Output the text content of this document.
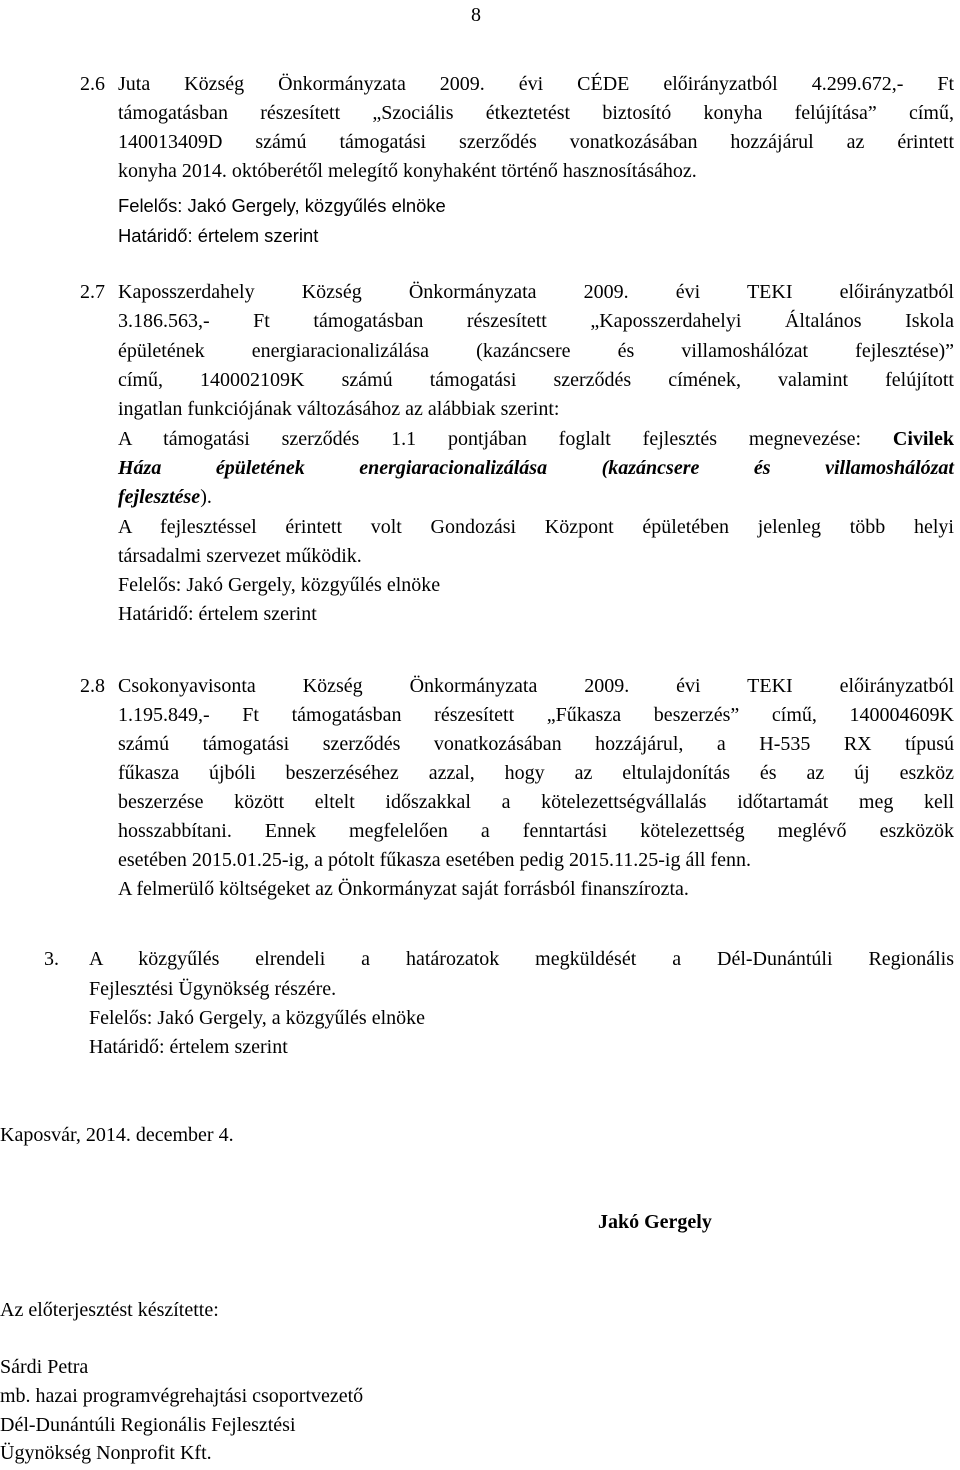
8
2.6 Juta Község Önkormányzata 2009. évi CÉDE előirányzatból 4.299.672,- Ft
támogatásban részesített „Szociális étkeztetést biztosító konyha felújítása” című,
140013409D számú támogatási szerződés vonatkozásában hozzájárul az érintett
konyha 2014. októberétől melegítő konyhaként történő hasznosításához.
Felelős: Jakó Gergely, közgyűlés elnöke
Határidő: értelem szerint
2.7 Kaposszerdahely Község Önkormányzata 2009. évi TEKI előirányzatból
3.186.563,- Ft támogatásban részesített „Kaposszerdahelyi Általános Iskola
épületének energiaracionalizálása (kazáncsere és villamoshálózat fejlesztése)”
című, 140002109K számú támogatási szerződés címének, valamint felújított
ingatlan funkciójának változásához az alábbiak szerint:
A támogatási szerződés 1.1 pontjában foglalt fejlesztés megnevezése: Civilek
Háza épületének energiaracionalizálása (kazáncsere és villamoshálózat
fejlesztése).
A fejlesztéssel érintett volt Gondozási Központ épületében jelenleg több helyi
társadalmi szervezet működik.
Felelős: Jakó Gergely, közgyűlés elnöke
Határidő: értelem szerint
2.8 Csokonyavisonta Község Önkormányzata 2009. évi TEKI előirányzatból
1.195.849,- Ft támogatásban részesített „Fűkasza beszerzés” című, 140004609K
számú támogatási szerződés vonatkozásában hozzájárul, a H-535 RX típusú
fűkasza újbóli beszerzéséhez azzal, hogy az eltulajdonítás és az új eszköz
beszerzése között eltelt időszakkal a kötelezettségvállalás időtartamát meg kell
hosszabbítani. Ennek megfelelően a fenntartási kötelezettség meglévő eszközök
esetében 2015.01.25-ig, a pótolt fűkasza esetében pedig 2015.11.25-ig áll fenn.
A felmerülő költségeket az Önkormányzat saját forrásból finanszírozta.
3. A közgyűlés elrendeli a határozatok megküldését a Dél-Dunántúli Regionális
Fejlesztési Ügynökség részére.
Felelős: Jakó Gergely, a közgyűlés elnöke
Határidő: értelem szerint
Kaposvár, 2014. december 4.
Jakó Gergely
Az előterjesztést készítette:
Sárdi Petra
mb. hazai programvégrehajtási csoportvezető
Dél-Dunántúli Regionális Fejlesztési
Ügynökség Nonprofit Kft.
